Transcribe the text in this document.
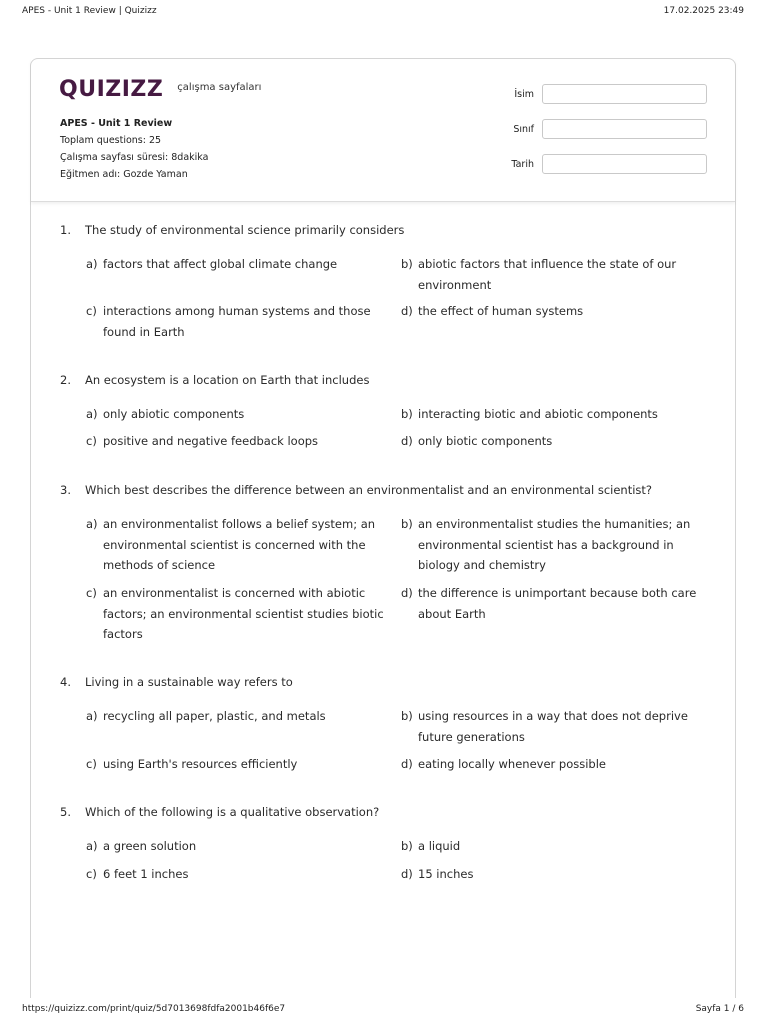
APES - Unit 1 Review | Quizizz	17.02.2025 23:49
QUIZIZZ çalışma sayfaları
APES - Unit 1 Review
Toplam questions: 25
Çalışma sayfası süresi: 8dakika
Eğitmen adı: Gozde Yaman
İsim
Sınıf
Tarih
1. The study of environmental science primarily considers
a) factors that affect global climate change	b) abiotic factors that influence the state of our environment
c) interactions among human systems and those found in Earth
d) the effect of human systems
2. An ecosystem is a location on Earth that includes
a) only abiotic components	b) interacting biotic and abiotic components
c) positive and negative feedback loops	d) only biotic components
3. Which best describes the difference between an environmentalist and an environmental scientist?
a) an environmentalist follows a belief system; an environmental scientist is concerned with the methods of science
b) an environmentalist studies the humanities; an environmental scientist has a background in biology and chemistry
c) an environmentalist is concerned with abiotic factors; an environmental scientist studies biotic factors
d) the difference is unimportant because both care about Earth
4. Living in a sustainable way refers to
a) recycling all paper, plastic, and metals	b) using resources in a way that does not deprive future generations
c) using Earth's resources efficiently	d) eating locally whenever possible
5. Which of the following is a qualitative observation?
a) a green solution	b) a liquid
c) 6 feet 1 inches	d) 15 inches
https://quizizz.com/print/quiz/5d7013698fdfa2001b46f6e7	Sayfa 1 / 6
